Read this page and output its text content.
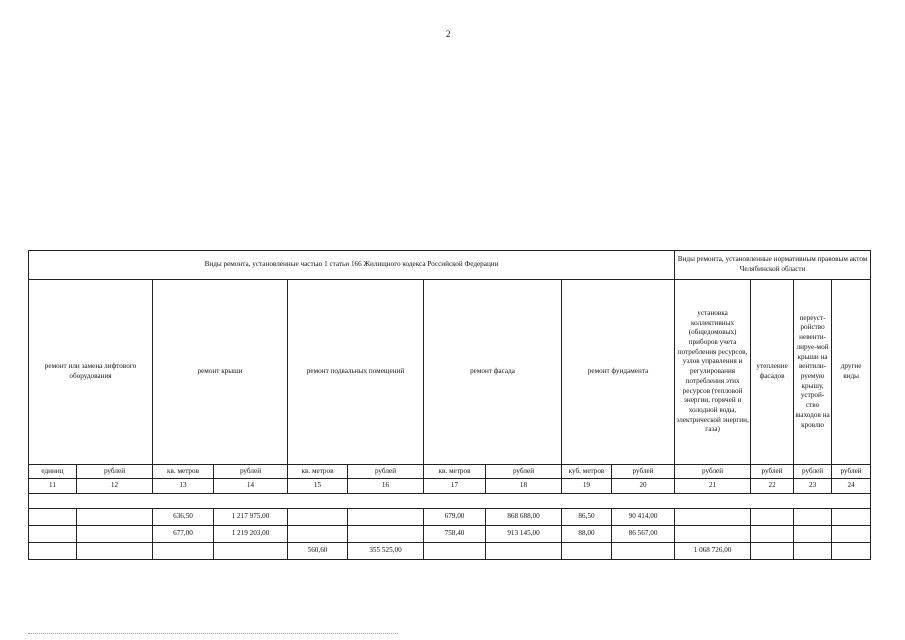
2
Виды ремонта, установленные частью 1 статьи 166 Жилищного кодекса Российской Федерации										Виды ремонта, установленные нормативным правовым актом Челябинской области			
ремонт или замена лифтового оборудования		ремонт крыши		ремонт подвальных помещений		ремонт фасада		ремонт фундамента		установка коллективных (общедомовых) приборов учета потребления ресурсов, узлов управления и регулирования потребления этих ресурсов (тепловой энергии, горячей и холодной воды, электрической энергии, газа)	утепление фасадов	переуст-ройство невенти-лируе-мой крыши на вентили-руемую крышу, устрой-ство выходов на кровлю	другие виды
единиц	рублей	кв. метров	рублей	кв. метров	рублей	кв. метров	рублей	куб. метров	рублей	рублей	рублей	рублей	рублей
11	12	13	14	15	16	17	18	19	20	21	22	23	24

		636,50	1 217 975,00			679,00	868 688,00	86,50	90 414,00				
		677,00	1 219 203,00			758,40	913 145,00	88,00	86 567,00				
				560,60	355 525,00					1 068 726,00			
